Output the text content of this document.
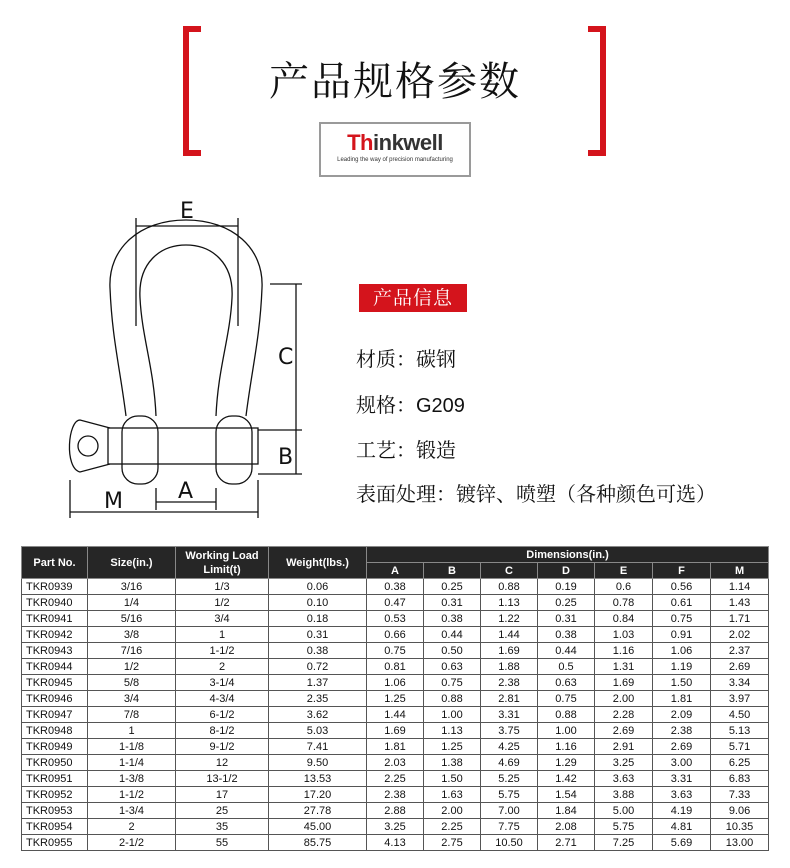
产品规格参数
Thinkwell
Leading the way of precision manufacturing
E
C
B
A
M
产品信息
材质：碳钢
规格：G209
工艺：锻造
表面处理：镀锌、喷塑（各种颜色可选）
Part No.	Size(in.)	Working Load Limit(t)	Weight(lbs.)	Dimensions(in.)						
				A	B	C	D	E	F	M
TKR0939	3/16	1/3	0.06	0.38	0.25	0.88	0.19	0.6	0.56	1.14
TKR0940	1/4	1/2	0.10	0.47	0.31	1.13	0.25	0.78	0.61	1.43
TKR0941	5/16	3/4	0.18	0.53	0.38	1.22	0.31	0.84	0.75	1.71
TKR0942	3/8	1	0.31	0.66	0.44	1.44	0.38	1.03	0.91	2.02
TKR0943	7/16	1-1/2	0.38	0.75	0.50	1.69	0.44	1.16	1.06	2.37
TKR0944	1/2	2	0.72	0.81	0.63	1.88	0.5	1.31	1.19	2.69
TKR0945	5/8	3-1/4	1.37	1.06	0.75	2.38	0.63	1.69	1.50	3.34
TKR0946	3/4	4-3/4	2.35	1.25	0.88	2.81	0.75	2.00	1.81	3.97
TKR0947	7/8	6-1/2	3.62	1.44	1.00	3.31	0.88	2.28	2.09	4.50
TKR0948	1	8-1/2	5.03	1.69	1.13	3.75	1.00	2.69	2.38	5.13
TKR0949	1-1/8	9-1/2	7.41	1.81	1.25	4.25	1.16	2.91	2.69	5.71
TKR0950	1-1/4	12	9.50	2.03	1.38	4.69	1.29	3.25	3.00	6.25
TKR0951	1-3/8	13-1/2	13.53	2.25	1.50	5.25	1.42	3.63	3.31	6.83
TKR0952	1-1/2	17	17.20	2.38	1.63	5.75	1.54	3.88	3.63	7.33
TKR0953	1-3/4	25	27.78	2.88	2.00	7.00	1.84	5.00	4.19	9.06
TKR0954	2	35	45.00	3.25	2.25	7.75	2.08	5.75	4.81	10.35
TKR0955	2-1/2	55	85.75	4.13	2.75	10.50	2.71	7.25	5.69	13.00
